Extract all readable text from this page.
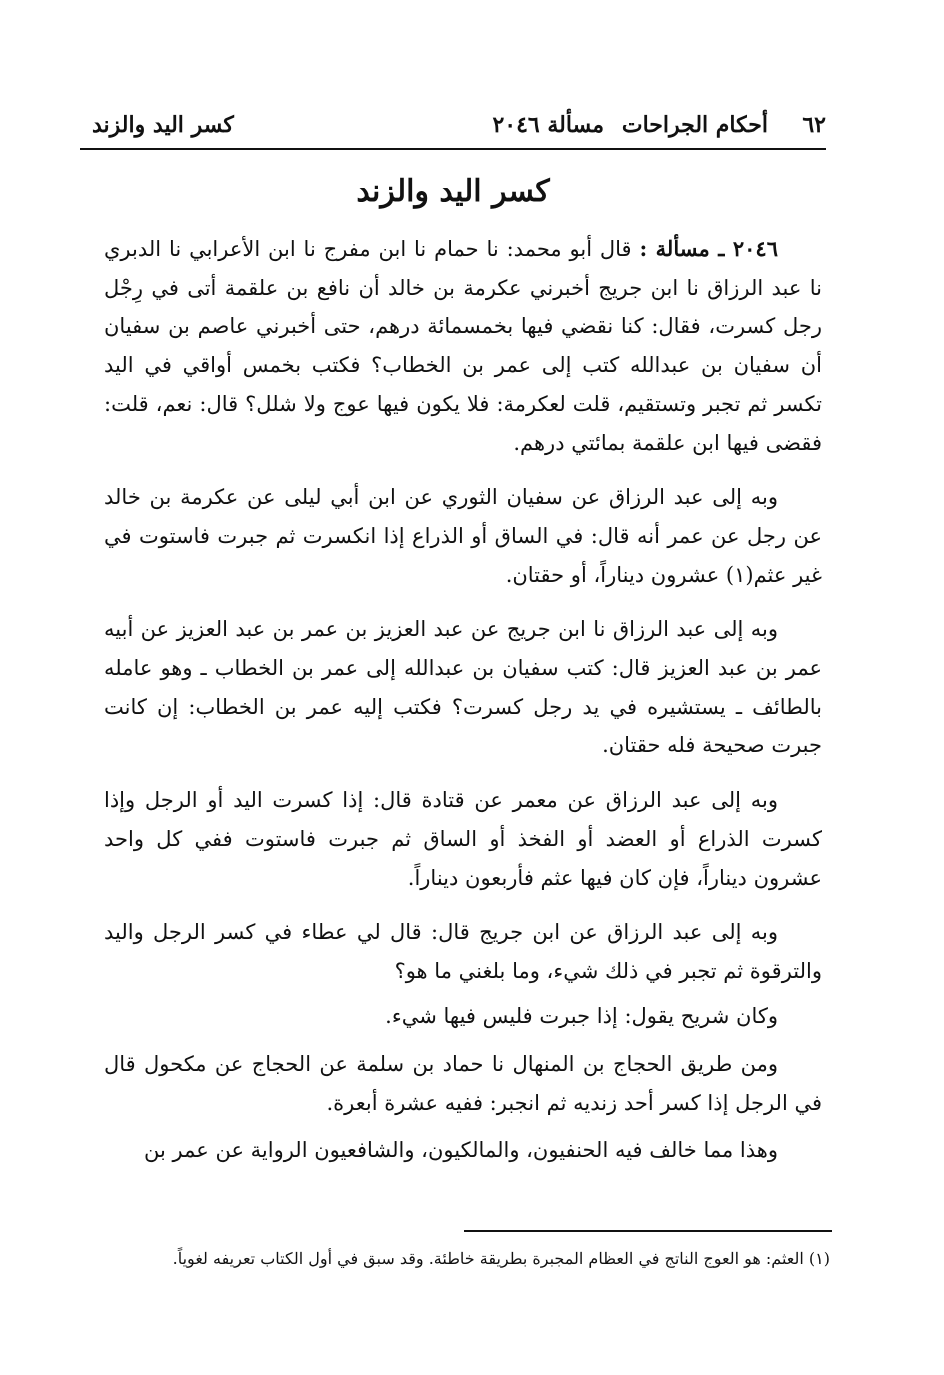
٦٢
أحكام الجراحات
مسألة ٢٠٤٦
كسر اليد والزند
كسر اليد والزند

٢٠٤٦ ـ مسألة : قال أبو محمد: نا حمام نا ابن مفرج نا ابن الأعرابي نا الدبري نا عبد الرزاق نا ابن جريج أخبرني عكرمة بن خالد أن نافع بن علقمة أتى في رِجْل رجل كسرت، فقال: كنا نقضي فيها بخمسمائة درهم، حتى أخبرني عاصم بن سفيان أن سفيان بن عبدالله كتب إلى عمر بن الخطاب؟ فكتب بخمس أواقي في اليد تكسر ثم تجبر وتستقيم، قلت لعكرمة: فلا يكون فيها عوج ولا شلل؟ قال: نعم، قلت: فقضى فيها ابن علقمة بمائتي درهم.

وبه إلى عبد الرزاق عن سفيان الثوري عن ابن أبي ليلى عن عكرمة بن خالد عن رجل عن عمر أنه قال: في الساق أو الذراع إذا انكسرت ثم جبرت فاستوت في غير عثم(١) عشرون ديناراً، أو حقتان.

وبه إلى عبد الرزاق نا ابن جريج عن عبد العزيز بن عمر بن عبد العزيز عن أبيه عمر بن عبد العزيز قال: كتب سفيان بن عبدالله إلى عمر بن الخطاب ـ وهو عامله بالطائف ـ يستشيره في يد رجل كسرت؟ فكتب إليه عمر بن الخطاب: إن كانت جبرت صحيحة فله حقتان.

وبه إلى عبد الرزاق عن معمر عن قتادة قال: إذا كسرت اليد أو الرجل وإذا كسرت الذراع أو العضد أو الفخذ أو الساق ثم جبرت فاستوت ففي كل واحد عشرون ديناراً، فإن كان فيها عثم فأربعون ديناراً.

وبه إلى عبد الرزاق عن ابن جريج قال: قال لي عطاء في كسر الرجل واليد والترقوة ثم تجبر في ذلك شيء، وما بلغني ما هو؟

وكان شريح يقول: إذا جبرت فليس فيها شيء.

ومن طريق الحجاج بن المنهال نا حماد بن سلمة عن الحجاج عن مكحول قال في الرجل إذا كسر أحد زنديه ثم انجبر: ففيه عشرة أبعرة.

وهذا مما خالف فيه الحنفيون، والمالكيون، والشافعيون الرواية عن عمر بن

(١) العثم: هو العوج الناتج في العظام المجبرة بطريقة خاطئة. وقد سبق في أول الكتاب تعريفه لغوياً.
